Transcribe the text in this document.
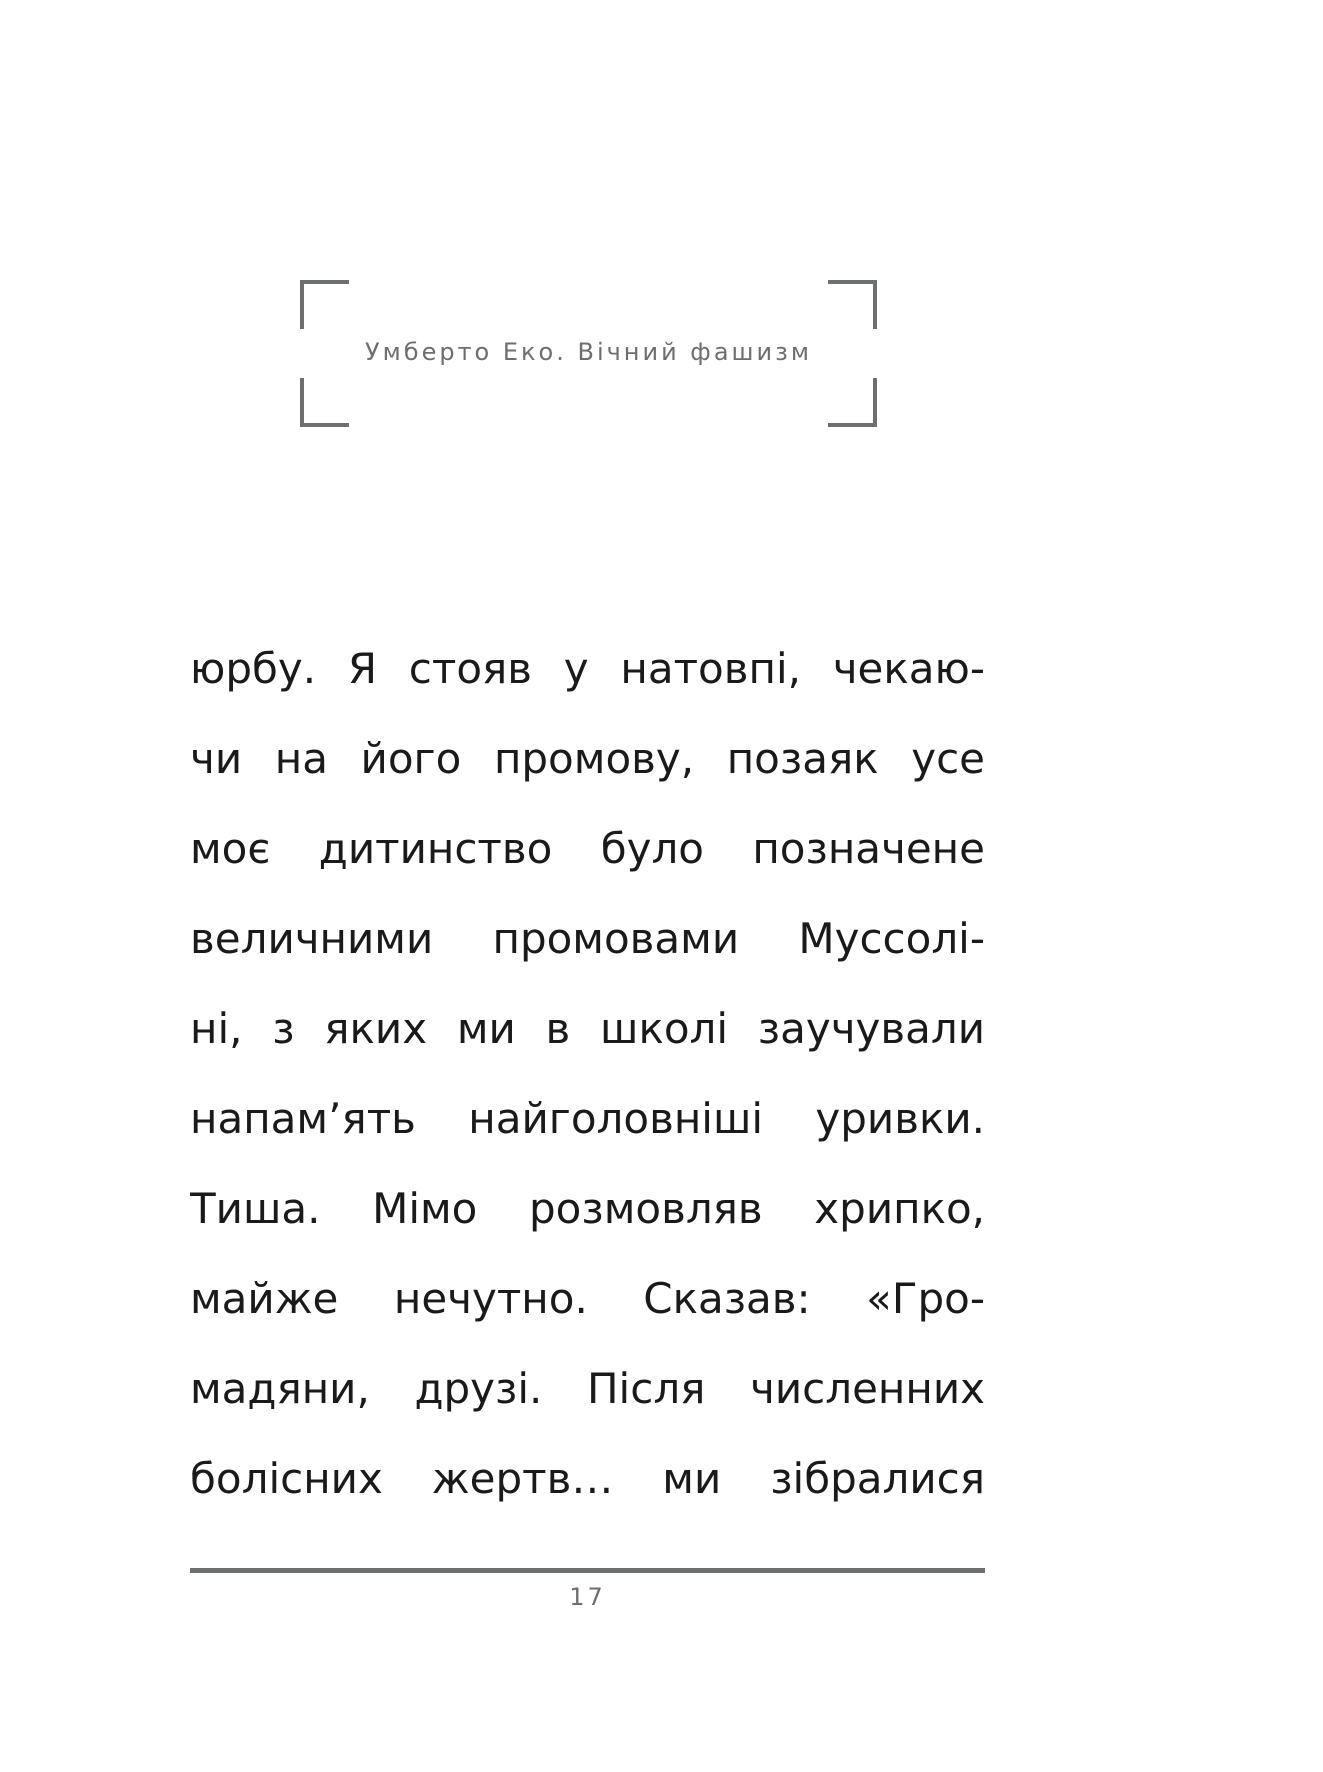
Умберто Еко. Вічний фашизм
юрбу. Я стояв у натовпі, чекаю-
чи на його промову, позаяк усе
моє дитинство було позначене
величними промовами Муссолі-
ні, з яких ми в школі заучували
напам’ять найголовніші уривки.
Тиша. Мімо розмовляв хрипко,
майже нечутно. Сказав: «Гро-
мадяни, друзі. Після численних
болісних жертв… ми зібралися
17
